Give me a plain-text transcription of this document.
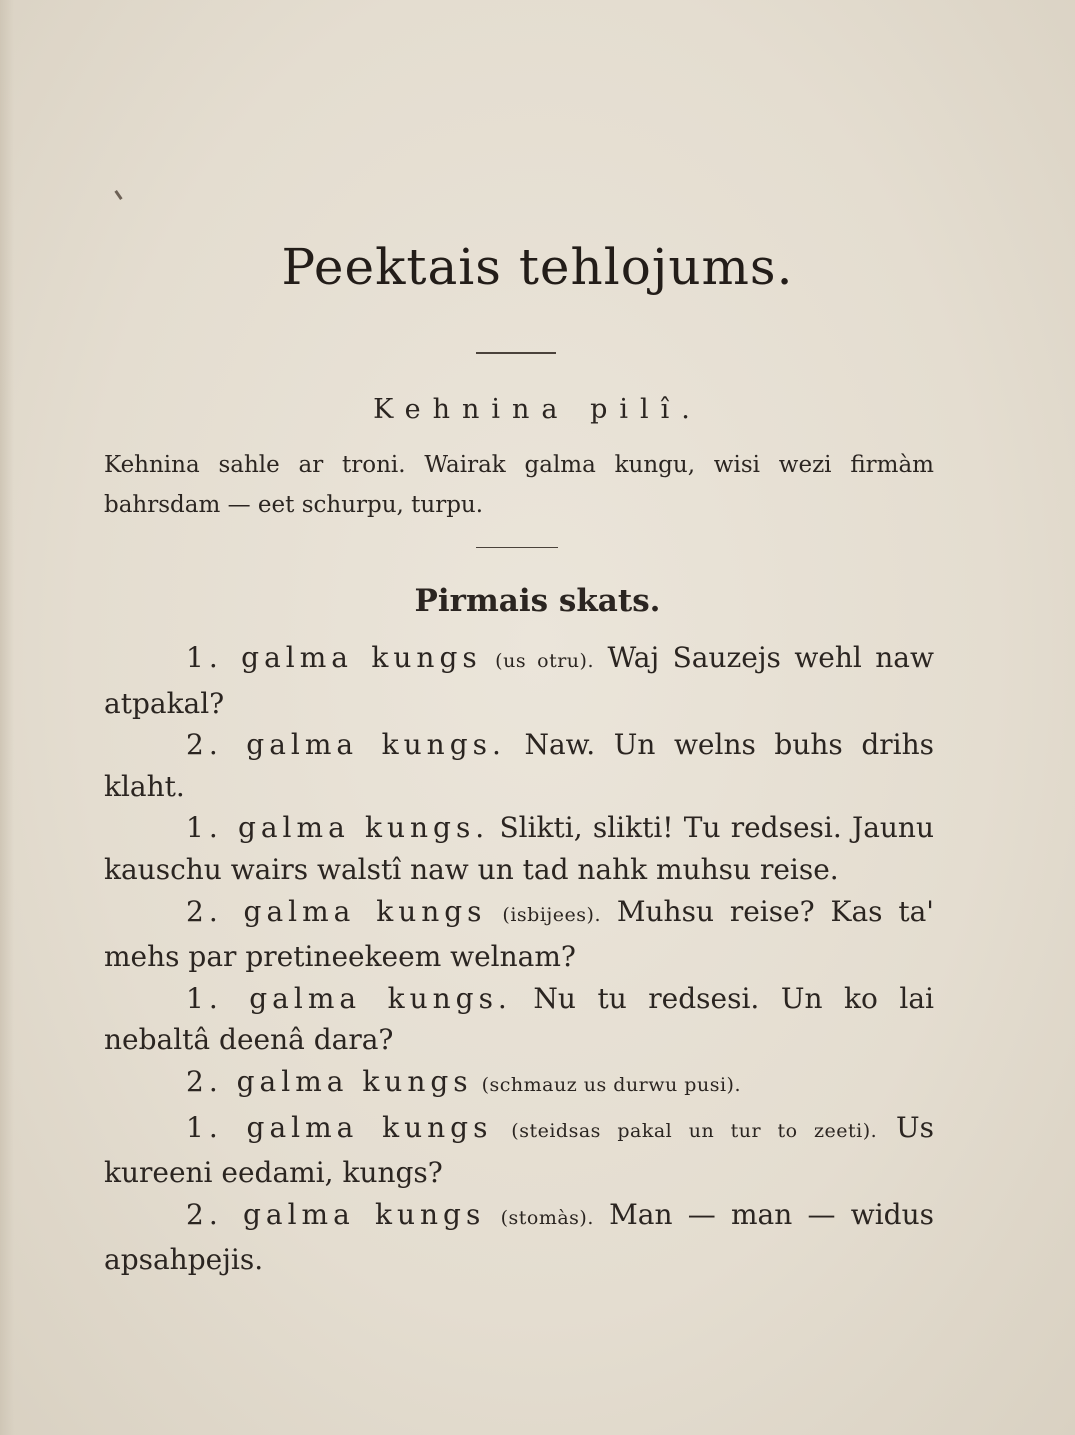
Peektais tehlojums.
Kehnina pilî.
Kehnina sahle ar troni. Wairak galma kungu, wisi wezi firmàm bahrsdam — eet schurpu, turpu.
Pirmais skats.

1. galma kungs (us otru). Waj Sauzejs wehl naw atpakal?

2. galma kungs. Naw. Un welns buhs drihs klaht.

1. galma kungs. Slikti, slikti! Tu redsesi. Jaunu kauschu wairs walstî naw un tad nahk muhsu reise.

2. galma kungs (isbijees). Muhsu reise? Kas ta' mehs par pretineekeem welnam?

1. galma kungs. Nu tu redsesi. Un ko lai nebaltâ deenâ dara?

2. galma kungs (schmauz us durwu pusi).

1. galma kungs (steidsas pakal un tur to zeeti). Us kureeni eedami, kungs?

2. galma kungs (stomàs). Man — man — widus apsahpejis.
